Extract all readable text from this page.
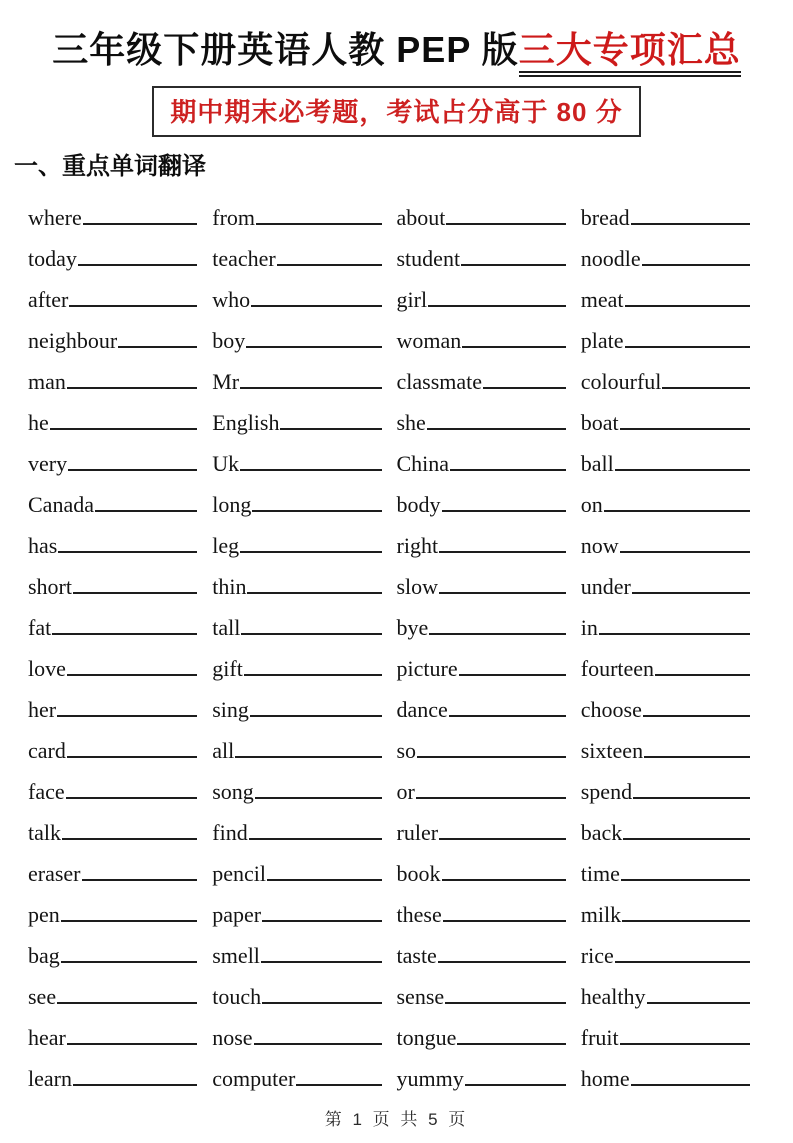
三年级下册英语人教 PEP 版三大专项汇总
期中期末必考题，考试占分高于 80 分
一、重点单词翻译
where	from	about	bread
today	teacher	student	noodle
after	who	girl	meat
neighbour	boy	woman	plate
man	Mr	classmate	colourful
he	English	she	boat
very	Uk	China	ball
Canada	long	body	on
has	leg	right	now
short	thin	slow	under
fat	tall	bye	in
love	gift	picture	fourteen
her	sing	dance	choose
card	all	so	sixteen
face	song	or	spend
talk	find	ruler	back
eraser	pencil	book	time
pen	paper	these	milk
bag	smell	taste	rice
see	touch	sense	healthy
hear	nose	tongue	fruit
learn	computer	yummy	home
第 1 页 共 5 页
